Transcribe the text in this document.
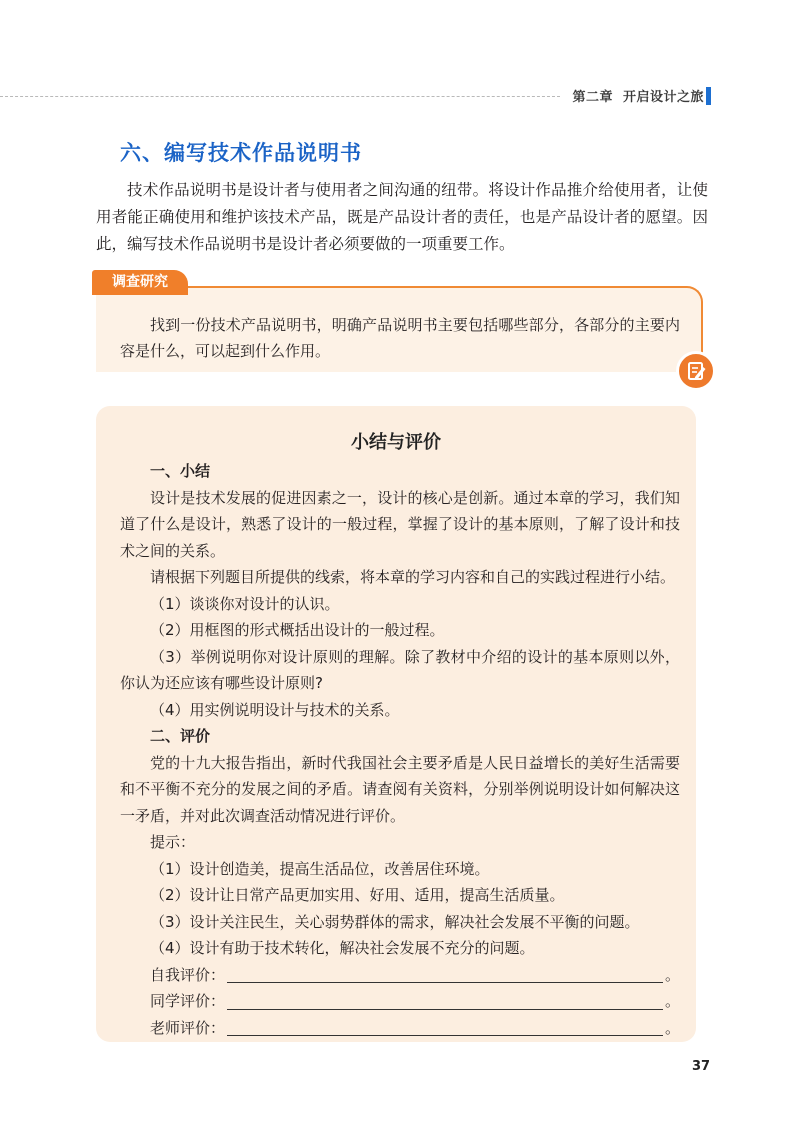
第二章 开启设计之旅
六、编写技术作品说明书

技术作品说明书是设计者与使用者之间沟通的纽带。将设计作品推介给使用者，让使用者能正确使用和维护该技术产品，既是产品设计者的责任，也是产品设计者的愿望。因此，编写技术作品说明书是设计者必须要做的一项重要工作。

调查研究

找到一份技术产品说明书，明确产品说明书主要包括哪些部分，各部分的主要内容是什么，可以起到什么作用。

小结与评价

一、小结

设计是技术发展的促进因素之一，设计的核心是创新。通过本章的学习，我们知道了什么是设计，熟悉了设计的一般过程，掌握了设计的基本原则，了解了设计和技术之间的关系。

请根据下列题目所提供的线索，将本章的学习内容和自己的实践过程进行小结。

（1）谈谈你对设计的认识。

（2）用框图的形式概括出设计的一般过程。

（3）举例说明你对设计原则的理解。除了教材中介绍的设计的基本原则以外，你认为还应该有哪些设计原则?

（4）用实例说明设计与技术的关系。

二、评价

党的十九大报告指出，新时代我国社会主要矛盾是人民日益增长的美好生活需要和不平衡不充分的发展之间的矛盾。请查阅有关资料，分别举例说明设计如何解决这一矛盾，并对此次调查活动情况进行评价。

提示：

（1）设计创造美，提高生活品位，改善居住环境。

（2）设计让日常产品更加实用、好用、适用，提高生活质量。

（3）设计关注民生，关心弱势群体的需求，解决社会发展不平衡的问题。

（4）设计有助于技术转化，解决社会发展不充分的问题。

自我评价：	。

同学评价：	。

老师评价：	。

37
